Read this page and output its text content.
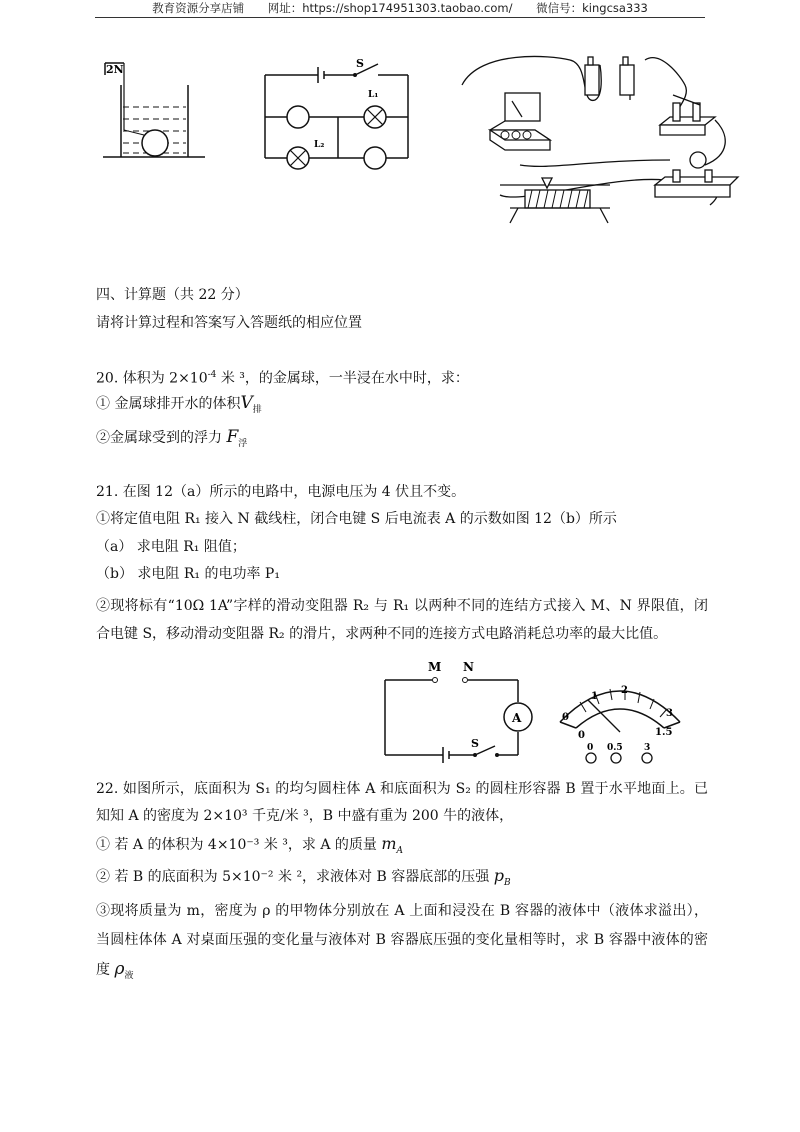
教育资源分享店铺 网址：https://shop174951303.taobao.com/ 微信号：kingcsa333
2N	S
L₁
L₂
四、计算题（共 22 分）
请将计算过程和答案写入答题纸的相应位置
20. 体积为 $2\times 10^{-4}$ 米 ³，的金属球，一半浸在水中时，求：
① 金属球排开水的体积$V_排$
②金属球受到的浮力 $F_浮$
21. 在图 12（a）所示的电路中，电源电压为 4 伏且不变。
①将定值电阻 R₁ 接入 N 截线柱，闭合电键 S 后电流表 A 的示数如图 12（b）所示
（a） 求电阻 R₁ 阻值；
（b） 求电阻 R₁ 的电功率 P₁
②现将标有“10Ω 1A”字样的滑动变阻器 R₂ 与 R₁ 以两种不同的连结方式接入 M、N 界限值，闭合电键 S，移动滑动变阻器 R₂ 的滑片，求两种不同的连接方式电路消耗总功率的最大比值。
M N
S
A
1
2
0	3
0	1.5
0 0.5 3
22. 如图所示，底面积为 S₁ 的均匀圆柱体 A 和底面积为 S₂ 的圆柱形容器 B 置于水平地面上。已知知 A 的密度为 2×10³ 千克/米 ³，B 中盛有重为 200 牛的液体，
① 若 A 的体积为 4×10⁻³ 米 ³，求 A 的质量 $m_A$
② 若 B 的底面积为 5×10⁻² 米 ²，求液体对 B 容器底部的压强 $p_B$
③现将质量为 m，密度为 ρ 的甲物体分别放在 A 上面和浸没在 B 容器的液体中（液体求溢出），当圆柱体体 A 对桌面压强的变化量与液体对 B 容器底压强的变化量相等时，求 B 容器中液体的密度 $\rho_液$
